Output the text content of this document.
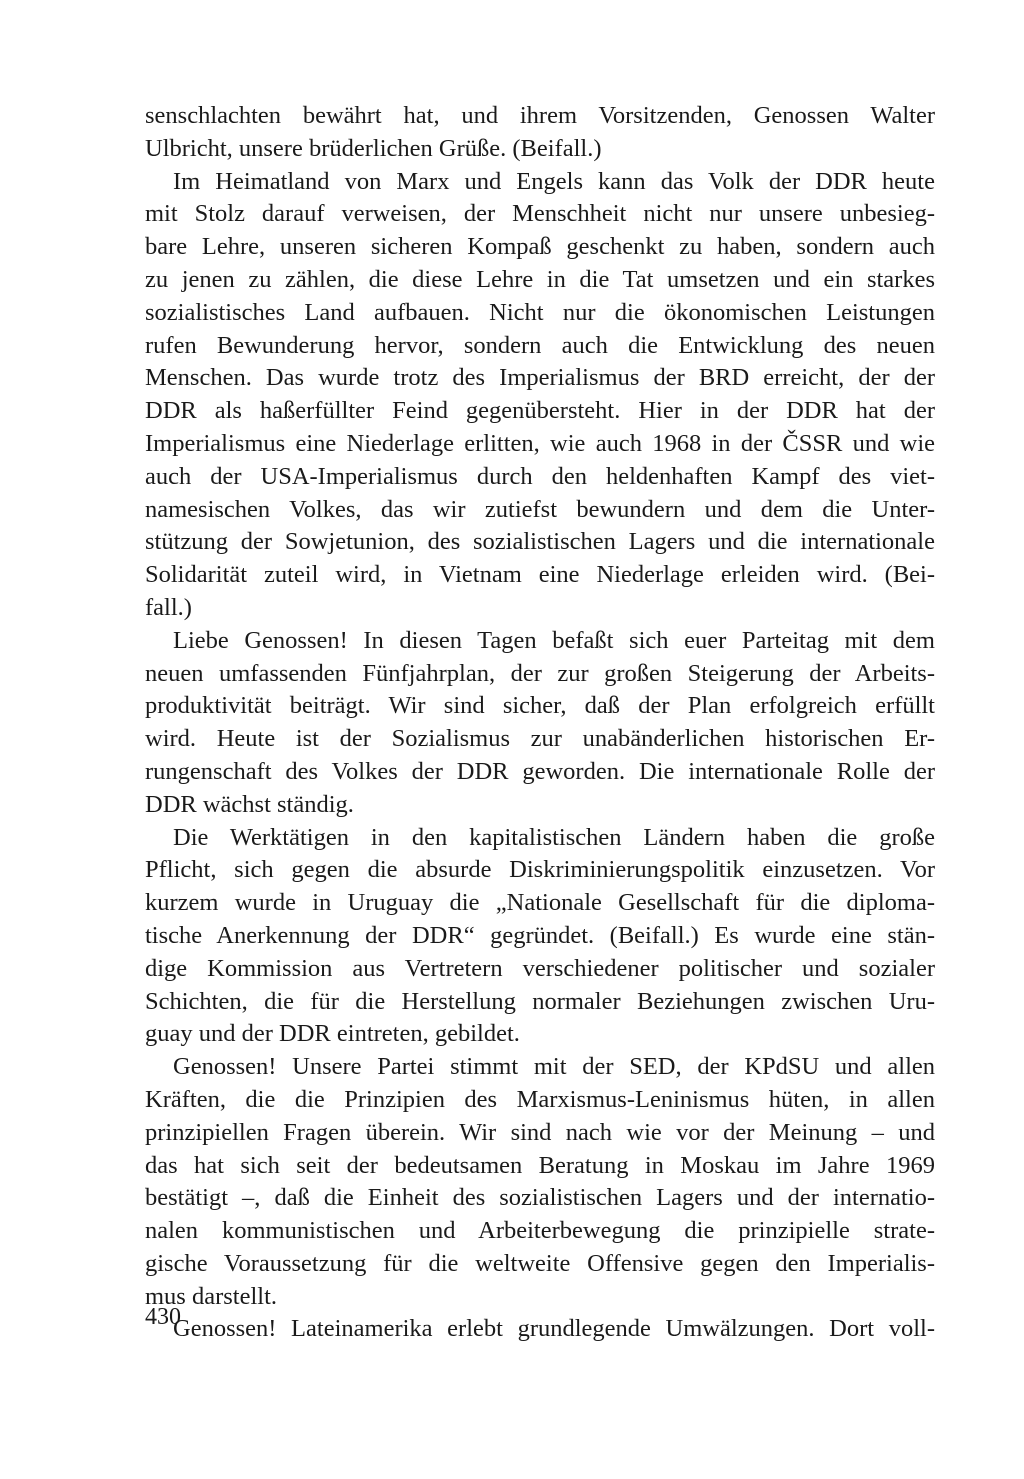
senschlachten bewährt hat, und ihrem Vorsitzenden, Genossen Walter
Ulbricht, unsere brüderlichen Grüße. (Beifall.)
Im Heimatland von Marx und Engels kann das Volk der DDR heute
mit Stolz darauf verweisen, der Menschheit nicht nur unsere unbesieg-
bare Lehre, unseren sicheren Kompaß geschenkt zu haben, sondern auch
zu jenen zu zählen, die diese Lehre in die Tat umsetzen und ein starkes
sozialistisches Land aufbauen. Nicht nur die ökonomischen Leistungen
rufen Bewunderung hervor, sondern auch die Entwicklung des neuen
Menschen. Das wurde trotz des Imperialismus der BRD erreicht, der der
DDR als haßerfüllter Feind gegenübersteht. Hier in der DDR hat der
Imperialismus eine Niederlage erlitten, wie auch 1968 in der ČSSR und wie
auch der USA-Imperialismus durch den heldenhaften Kampf des viet-
namesischen Volkes, das wir zutiefst bewundern und dem die Unter-
stützung der Sowjetunion, des sozialistischen Lagers und die internationale
Solidarität zuteil wird, in Vietnam eine Niederlage erleiden wird. (Bei-
fall.)
Liebe Genossen! In diesen Tagen befaßt sich euer Parteitag mit dem
neuen umfassenden Fünfjahrplan, der zur großen Steigerung der Arbeits-
produktivität beiträgt. Wir sind sicher, daß der Plan erfolgreich erfüllt
wird. Heute ist der Sozialismus zur unabänderlichen historischen Er-
rungenschaft des Volkes der DDR geworden. Die internationale Rolle der
DDR wächst ständig.
Die Werktätigen in den kapitalistischen Ländern haben die große
Pflicht, sich gegen die absurde Diskriminierungspolitik einzusetzen. Vor
kurzem wurde in Uruguay die „Nationale Gesellschaft für die diploma-
tische Anerkennung der DDR“ gegründet. (Beifall.) Es wurde eine stän-
dige Kommission aus Vertretern verschiedener politischer und sozialer
Schichten, die für die Herstellung normaler Beziehungen zwischen Uru-
guay und der DDR eintreten, gebildet.
Genossen! Unsere Partei stimmt mit der SED, der KPdSU und allen
Kräften, die die Prinzipien des Marxismus-Leninismus hüten, in allen
prinzipiellen Fragen überein. Wir sind nach wie vor der Meinung – und
das hat sich seit der bedeutsamen Beratung in Moskau im Jahre 1969
bestätigt –, daß die Einheit des sozialistischen Lagers und der internatio-
nalen kommunistischen und Arbeiterbewegung die prinzipielle strate-
gische Voraussetzung für die weltweite Offensive gegen den Imperialis-
mus darstellt.
Genossen! Lateinamerika erlebt grundlegende Umwälzungen. Dort voll-
430
